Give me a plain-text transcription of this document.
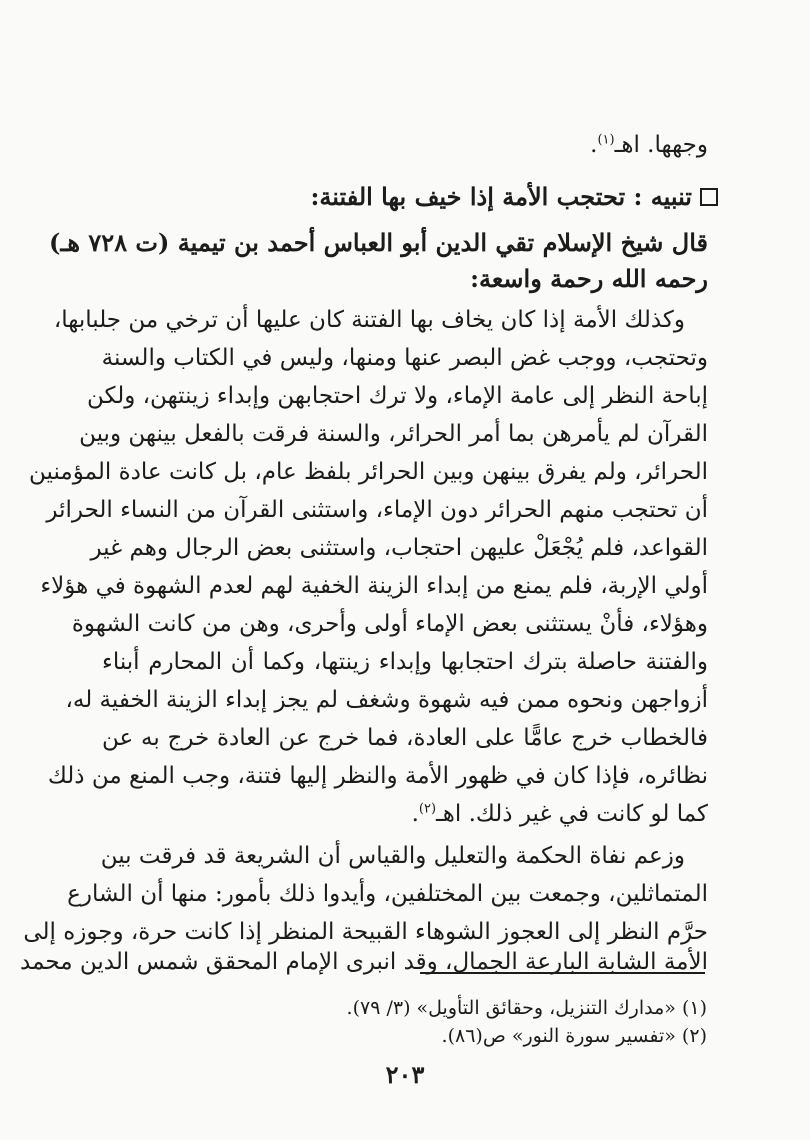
وجهها. اهـ$^{(١)}$.
تنبيه : تحتجب الأمة إذا خيف بها الفتنة:
قال شيخ الإسلام تقي الدين أبو العباس أحمد بن تيمية (ت ٧٢٨ هـ)
رحمه الله رحمة واسعة:
وكذلك الأمة إذا كان يخاف بها الفتنة كان عليها أن ترخي من جلبابها،
وتحتجب، ووجب غض البصر عنها ومنها، وليس في الكتاب والسنة
إباحة النظر إلى عامة الإماء، ولا ترك احتجابهن وإبداء زينتهن، ولكن
القرآن لم يأمرهن بما أمر الحرائر، والسنة فرقت بالفعل بينهن وبين
الحرائر، ولم يفرق بينهن وبين الحرائر بلفظ عام، بل كانت عادة المؤمنين
أن تحتجب منهم الحرائر دون الإماء، واستثنى القرآن من النساء الحرائر
القواعد، فلم يُجْعَلْ عليهن احتجاب، واستثنى بعض الرجال وهم غير
أولي الإربة، فلم يمنع من إبداء الزينة الخفية لهم لعدم الشهوة في هؤلاء
وهؤلاء، فأنْ يستثنى بعض الإماء أولى وأحرى، وهن من كانت الشهوة
والفتنة حاصلة بترك احتجابها وإبداء زينتها، وكما أن المحارم أبناء
أزواجهن ونحوه ممن فيه شهوة وشغف لم يجز إبداء الزينة الخفية له،
فالخطاب خرج عامًّا على العادة، فما خرج عن العادة خرج به عن
نظائره، فإذا كان في ظهور الأمة والنظر إليها فتنة، وجب المنع من ذلك
كما لو كانت في غير ذلك. اهـ$^{(٢)}$.
وزعم نفاة الحكمة والتعليل والقياس أن الشريعة قد فرقت بين
المتماثلين، وجمعت بين المختلفين، وأيدوا ذلك بأمور: منها أن الشارع
حرَّم النظر إلى العجوز الشوهاء القبيحة المنظر إذا كانت حرة، وجوزه إلى
الأمة الشابة البارعة الجمال، وقد انبرى الإمام المحقق شمس الدين محمد
(١) «مدارك التنزيل، وحقائق التأويل» (٣/ ٧٩).
(٢) «تفسير سورة النور» ص(٨٦).
٢٠٣
